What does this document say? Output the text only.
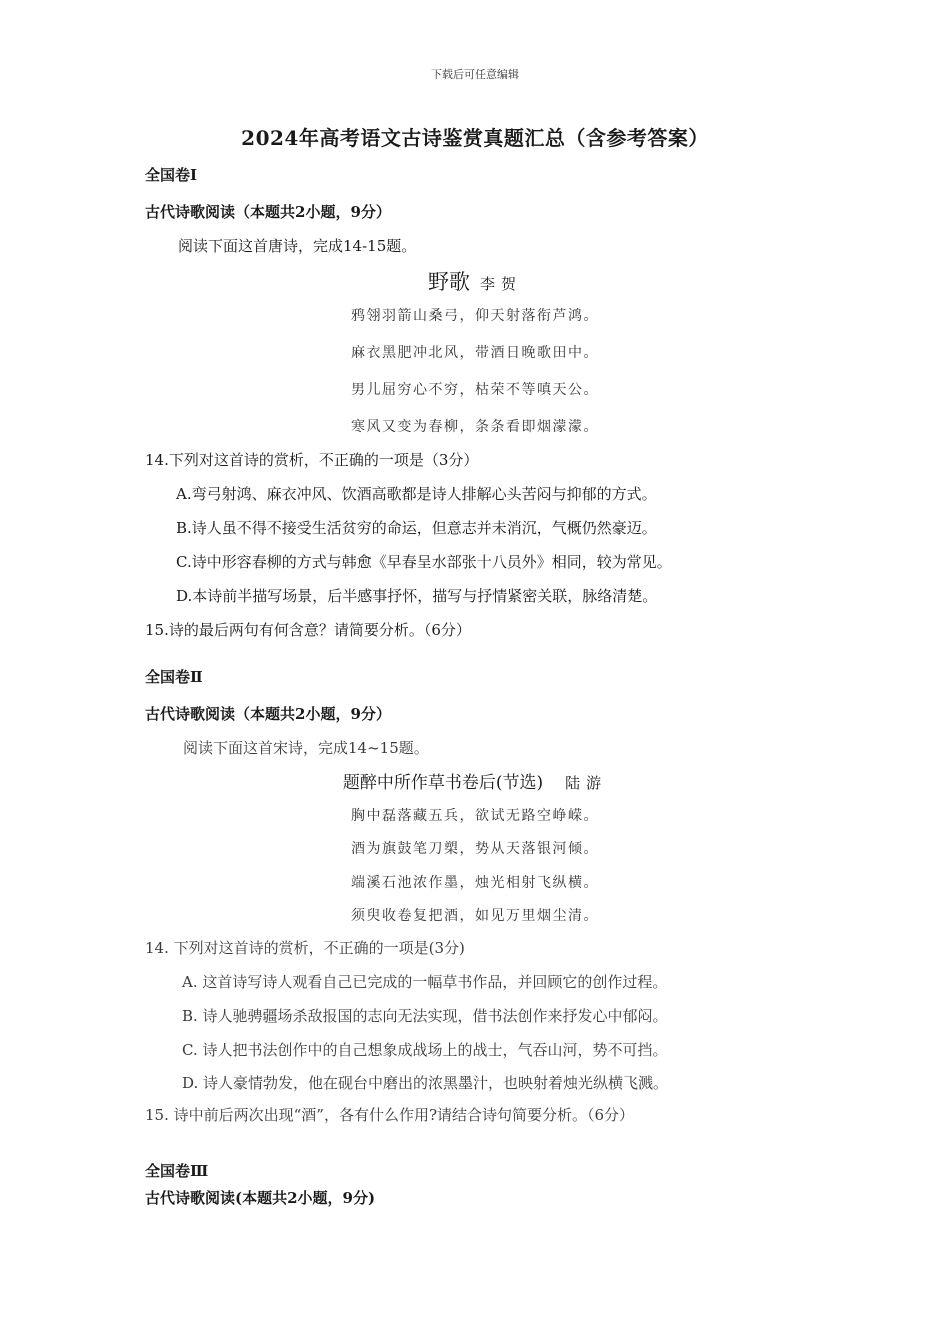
下载后可任意编辑
2024年高考语文古诗鉴赏真题汇总（含参考答案）
全国卷Ⅰ
古代诗歌阅读（本题共2小题，9分）
阅读下面这首唐诗，完成14-15题。
野歌 李贺
鸦翎羽箭山桑弓，仰天射落衔芦鸿。
麻衣黑肥冲北风，带酒日晚歌田中。
男儿屈穷心不穷，枯荣不等嗔天公。
寒风又变为春柳，条条看即烟濛濛。
14.下列对这首诗的赏析，不正确的一项是（3分）
A.弯弓射鸿、麻衣冲风、饮酒高歌都是诗人排解心头苦闷与抑郁的方式。
B.诗人虽不得不接受生活贫穷的命运，但意志并未消沉，气概仍然豪迈。
C.诗中形容春柳的方式与韩愈《早春呈水部张十八员外》相同，较为常见。
D.本诗前半描写场景，后半感事抒怀，描写与抒情紧密关联，脉络清楚。
15.诗的最后两句有何含意？请简要分析。（6分）
全国卷Ⅱ
古代诗歌阅读（本题共2小题，9分）
阅读下面这首宋诗，完成14~15题。
题醉中所作草书卷后(节选) 陆游
胸中磊落藏五兵，欲试无路空峥嵘。
酒为旗鼓笔刀槊，势从天落银河倾。
端溪石池浓作墨，烛光相射飞纵横。
须臾收卷复把酒，如见万里烟尘清。
14. 下列对这首诗的赏析，不正确的一项是(3分)
A. 这首诗写诗人观看自己已完成的一幅草书作品，并回顾它的创作过程。
B. 诗人驰骋疆场杀敌报国的志向无法实现，借书法创作来抒发心中郁闷。
C. 诗人把书法创作中的自己想象成战场上的战士，气吞山河，势不可挡。
D. 诗人豪情勃发，他在砚台中磨出的浓黑墨汁，也映射着烛光纵横飞溅。
15. 诗中前后两次出现“酒”，各有什么作用?请结合诗句简要分析。（6分）
全国卷Ⅲ
古代诗歌阅读(本题共2小题，9分)
